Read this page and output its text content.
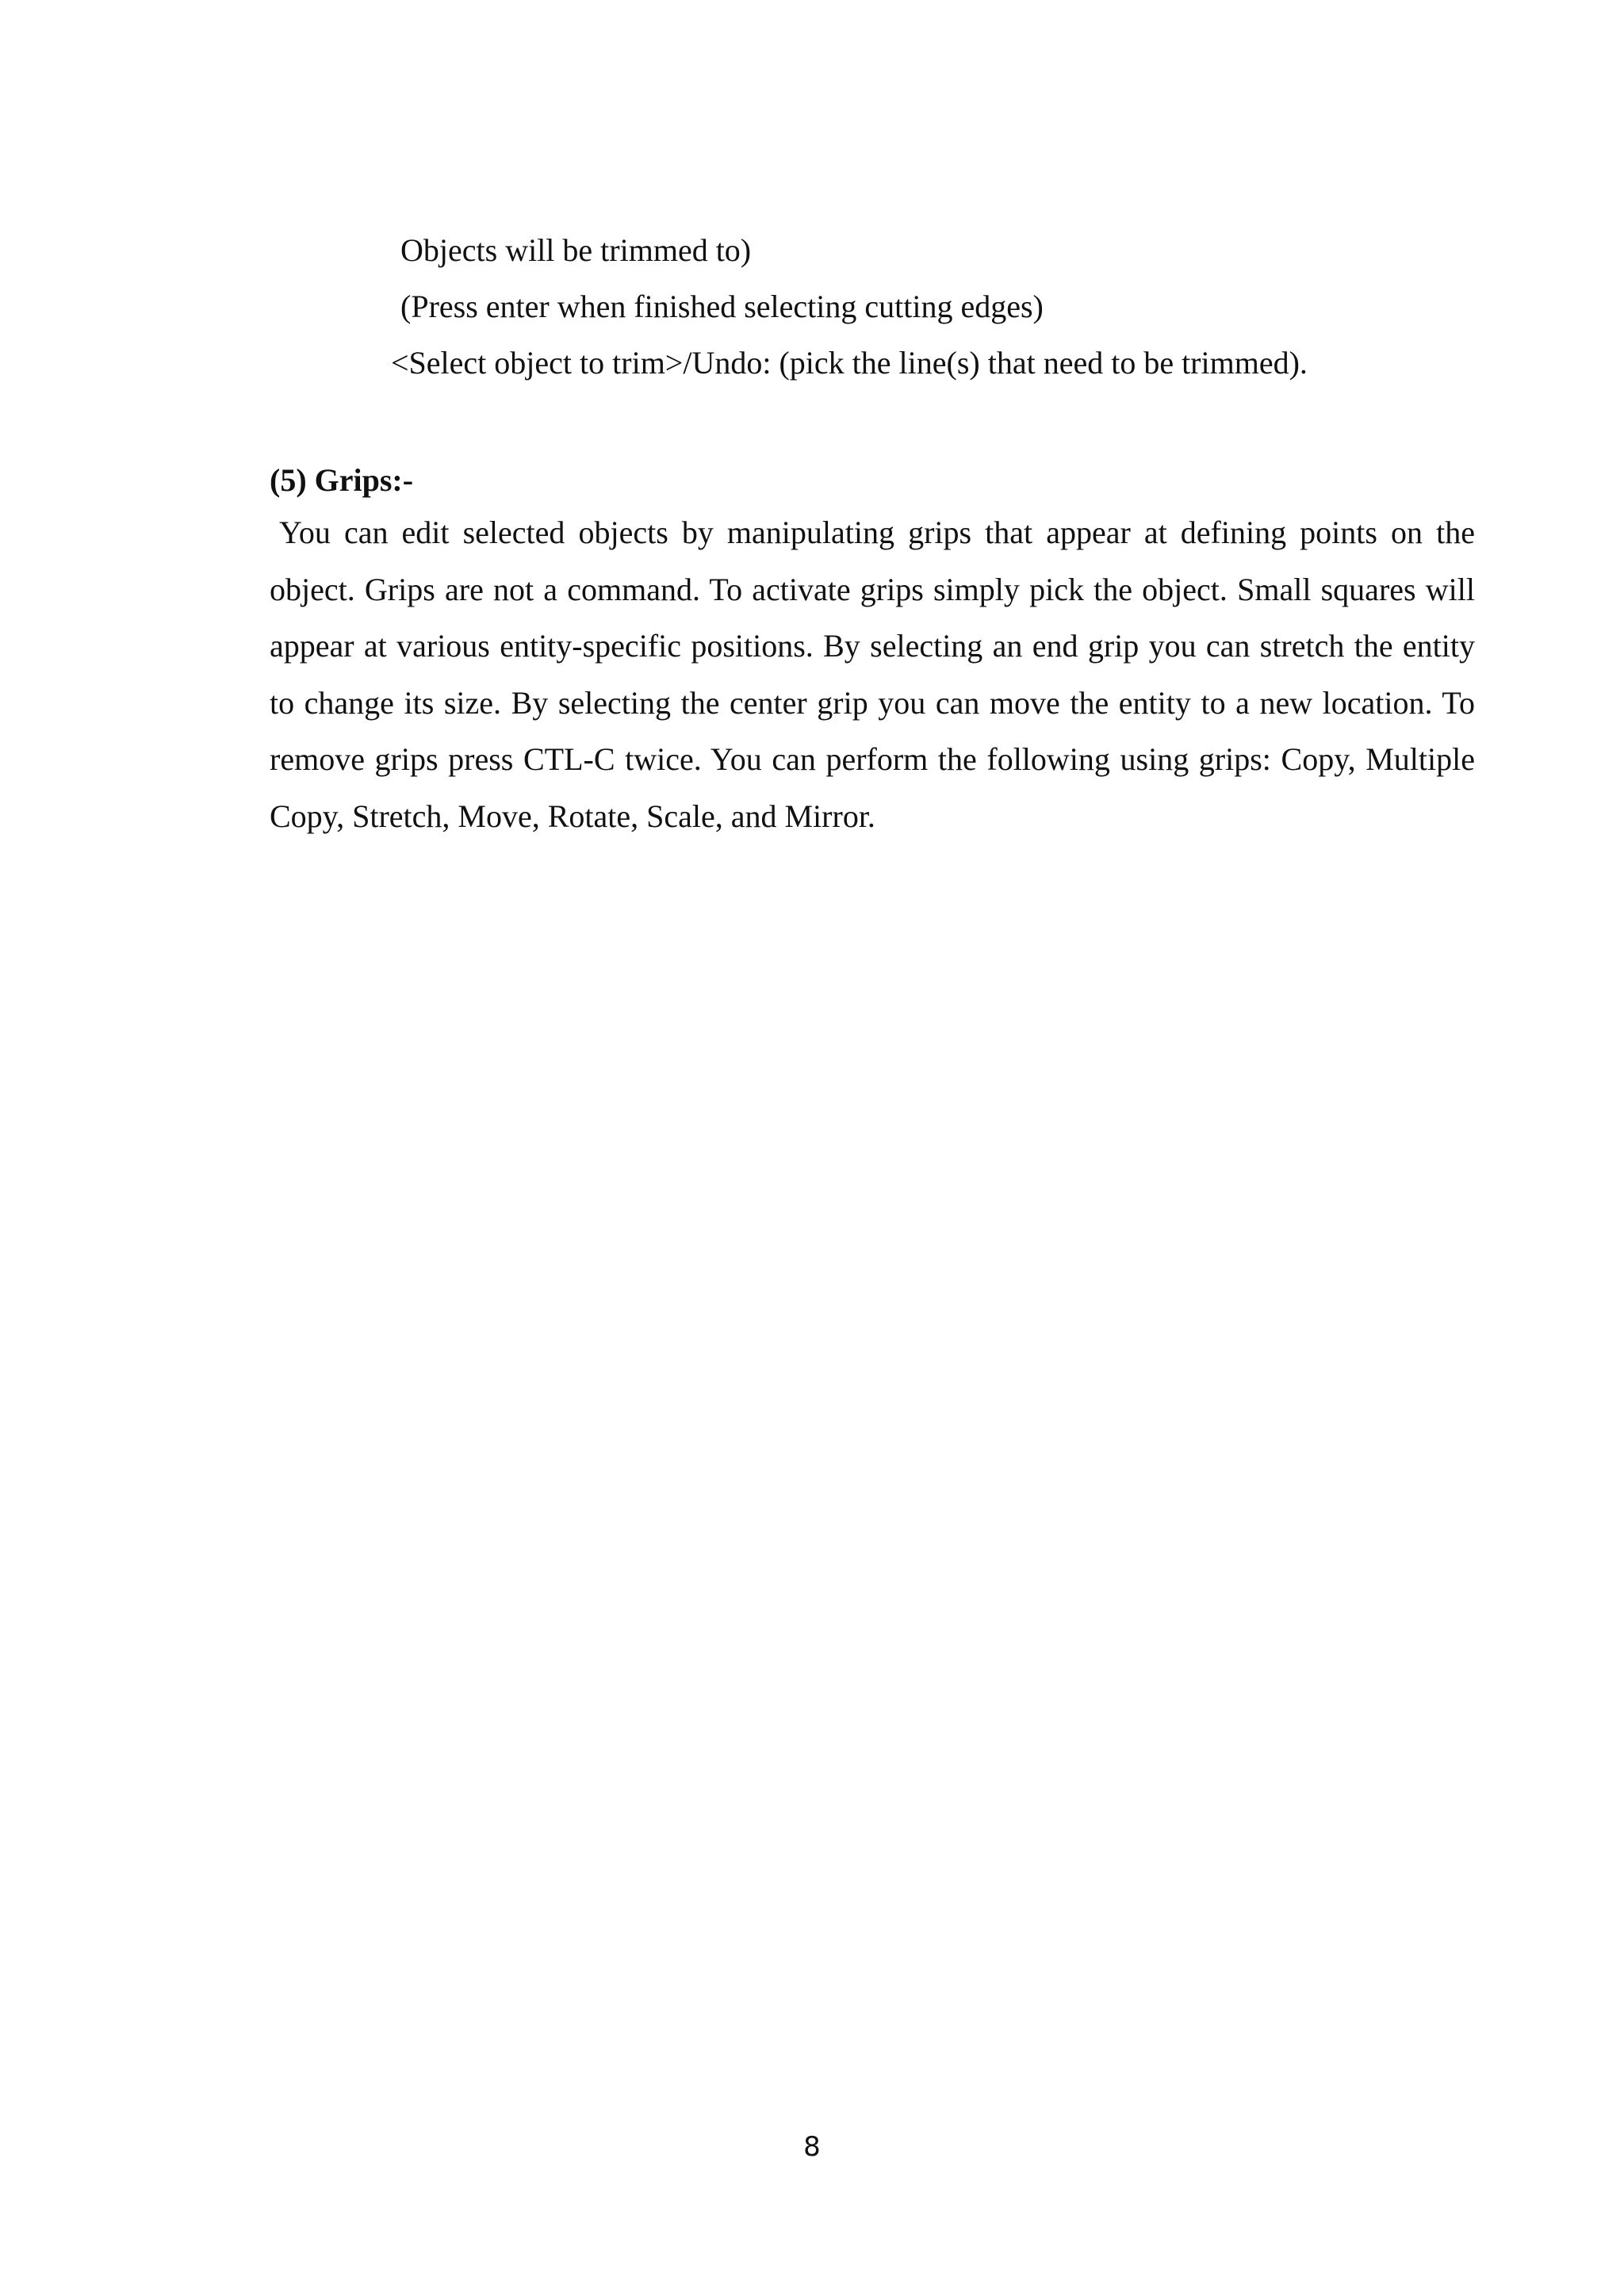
Objects will be trimmed to)
(Press enter when finished selecting cutting edges)
<Select object to trim>/Undo: (pick the line(s) that need to be trimmed).
(5) Grips:-
You can edit selected objects by manipulating grips that appear at defining points on the object. Grips are not a command. To activate grips simply pick the object. Small squares will appear at various entity-specific positions. By selecting an end grip you can stretch the entity to change its size. By selecting the center grip you can move the entity to a new location. To remove grips press CTL-C twice. You can perform the following using grips: Copy, Multiple Copy, Stretch, Move, Rotate, Scale, and Mirror.
8
